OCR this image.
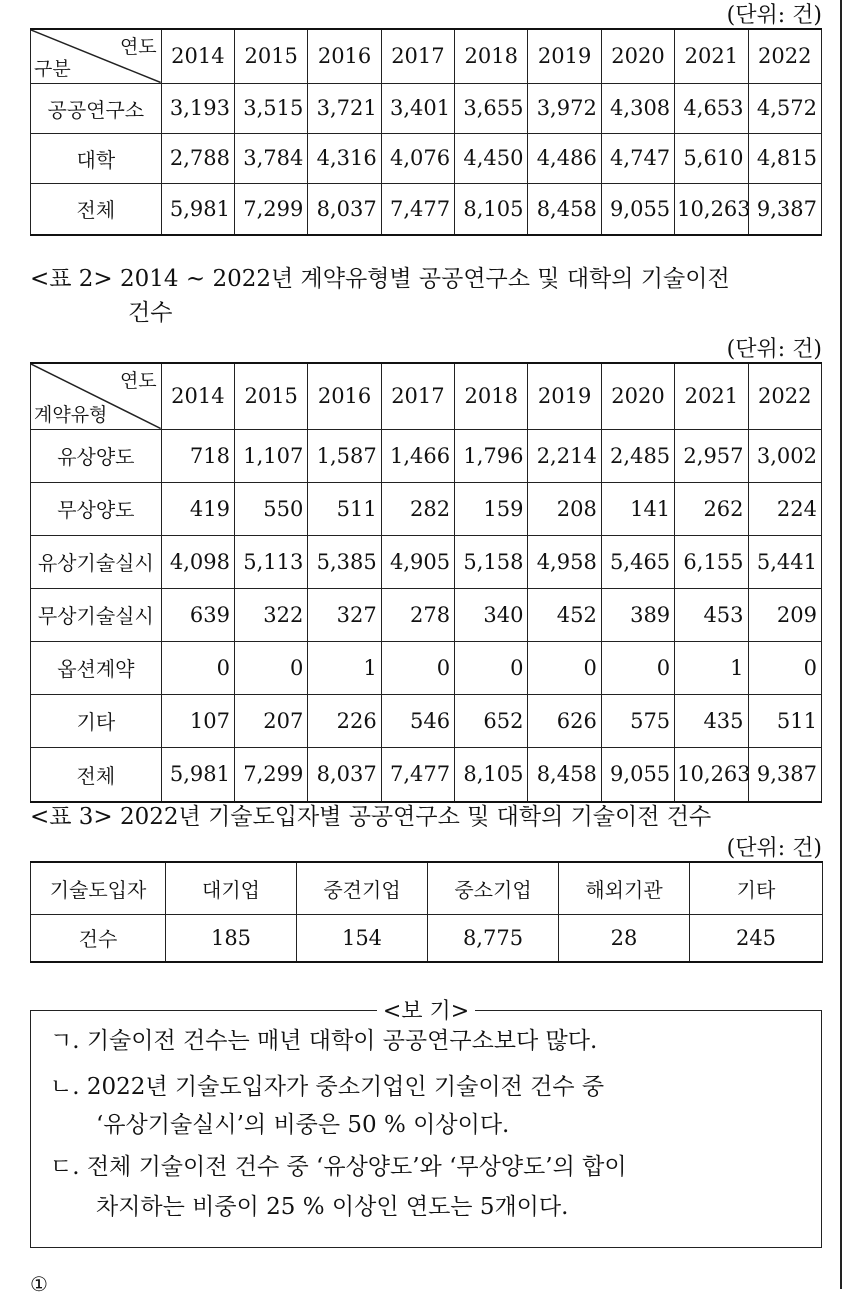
(단위: 건)
연도
구분	2014	2015	2016	2017	2018	2019	2020	2021	2022
공공연구소	3,193	3,515	3,721	3,401	3,655	3,972	4,308	4,653	4,572
대학	2,788	3,784	4,316	4,076	4,450	4,486	4,747	5,610	4,815
전체	5,981	7,299	8,037	7,477	8,105	8,458	9,055	10,263	9,387
<표 2> 2014 ~ 2022년 계약유형별 공공연구소 및 대학의 기술이전
건수
(단위: 건)
연도
계약유형	2014	2015	2016	2017	2018	2019	2020	2021	2022
유상양도	718	1,107	1,587	1,466	1,796	2,214	2,485	2,957	3,002
무상양도	419	550	511	282	159	208	141	262	224
유상기술실시	4,098	5,113	5,385	4,905	5,158	4,958	5,465	6,155	5,441
무상기술실시	639	322	327	278	340	452	389	453	209
옵션계약	0	0	1	0	0	0	0	1	0
기타	107	207	226	546	652	626	575	435	511
전체	5,981	7,299	8,037	7,477	8,105	8,458	9,055	10,263	9,387
<표 3> 2022년 기술도입자별 공공연구소 및 대학의 기술이전 건수
(단위: 건)
기술도입자	대기업	중견기업	중소기업	해외기관	기타
건수	185	154	8,775	28	245
<보 기>
ㄱ. 기술이전 건수는 매년 대학이 공공연구소보다 많다.
ㄴ. 2022년 기술도입자가 중소기업인 기술이전 건수 중
‘유상기술실시’의 비중은 50 % 이상이다.
ㄷ. 전체 기술이전 건수 중 ‘유상양도’와 ‘무상양도’의 합이
차지하는 비중이 25 % 이상인 연도는 5개이다.
①
